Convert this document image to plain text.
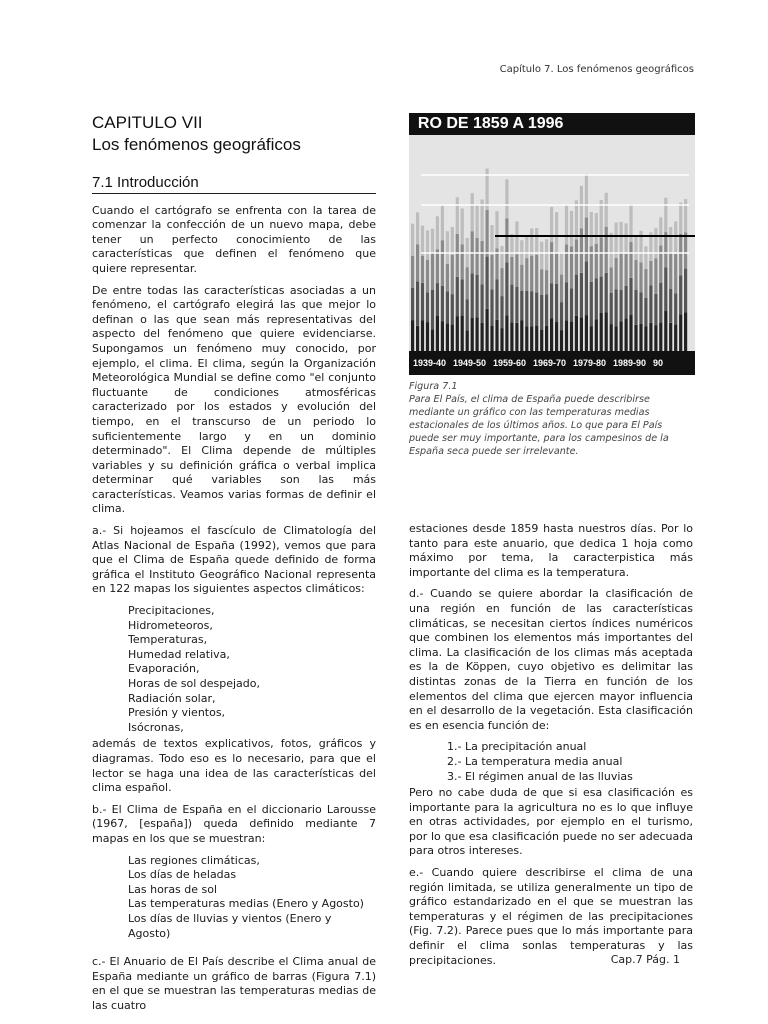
Capítulo 7. Los fenómenos geográficos
CAPITULO VII
Los fenómenos geográficos
7.1 Introducción

Cuando el cartógrafo se enfrenta con la tarea de comenzar la confección de un nuevo mapa, debe tener un perfecto conocimiento de las características que definen el fenómeno que quiere representar.

De entre todas las características asociadas a un fenómeno, el cartógrafo elegirá las que mejor lo definan o las que sean más representativas del aspecto del fenómeno que quiere evidenciarse. Supongamos un fenómeno muy conocido, por ejemplo, el clima. El clima, según la Organización Meteorológica Mundial se define como "el conjunto fluctuante de condiciones atmosféricas caracterizado por los estados y evolución del tiempo, en el transcurso de un periodo lo suficientemente largo y en un dominio determinado". El Clima depende de múltiples variables y su definición gráfica o verbal implica determinar qué variables son las más características. Veamos varias formas de definir el clima.

a.- Si hojeamos el fascículo de Climatología del Atlas Nacional de España (1992), vemos que para que el Clima de España quede definido de forma gráfica el Instituto Geográfico Nacional representa en 122 mapas los siguientes aspectos climáticos:

Precipitaciones,
Hidrometeoros,
Temperaturas,
Humedad relativa,
Evaporación,
Horas de sol despejado,
Radiación solar,
Presión y vientos,
Isócronas,

además de textos explicativos, fotos, gráficos y diagramas. Todo eso es lo necesario, para que el lector se haga una idea de las características del clima español.

b.- El Clima de España en el diccionario Larousse (1967, [españa]) queda definido mediante 7 mapas en los que se muestran:

Las regiones climáticas,
Los días de heladas
Las horas de sol
Las temperaturas medias (Enero y Agosto)
Los días de lluvias y vientos (Enero y Agosto)

c.- El Anuario de El País describe el Clima anual de España mediante un gráfico de barras (Figura 7.1) en el que se muestran las temperaturas medias de las cuatro

RO DE 1859 A 1996
1939-40 1949-50 1959-60 1969-70 1979-80 1989-90 90
Figura 7.1
Para El País, el clima de España puede describirse mediante un gráfico con las temperaturas medias estacionales de los últimos años. Lo que para El País puede ser muy importante, para los campesinos de la España seca puede ser irrelevante.

estaciones desde 1859 hasta nuestros días. Por lo tanto para este anuario, que dedica 1 hoja como máximo por tema, la caracterpistica más importante del clima es la temperatura.

d.- Cuando se quiere abordar la clasificación de una región en función de las características climáticas, se necesitan ciertos índices numéricos que combinen los elementos más importantes del clima. La clasificación de los climas más aceptada es la de Köppen, cuyo objetivo es delimitar las distintas zonas de la Tierra en función de los elementos del clima que ejercen mayor influencia en el desarrollo de la vegetación. Esta clasificación es en esencia función de:

1.- La precipitación anual
2.- La temperatura media anual
3.- El régimen anual de las lluvias

Pero no cabe duda de que si esa clasificación es importante para la agricultura no es lo que influye en otras actividades, por ejemplo en el turismo, por lo que esa clasificación puede no ser adecuada para otros intereses.

e.- Cuando quiere describirse el clima de una región limitada, se utiliza generalmente un tipo de gráfico estandarizado en el que se muestran las temperaturas y el régimen de las precipitaciones (Fig. 7.2). Parece pues que lo más importante para definir el clima sonlas temperaturas y las precipitaciones.	Cap.7 Pág. 1
